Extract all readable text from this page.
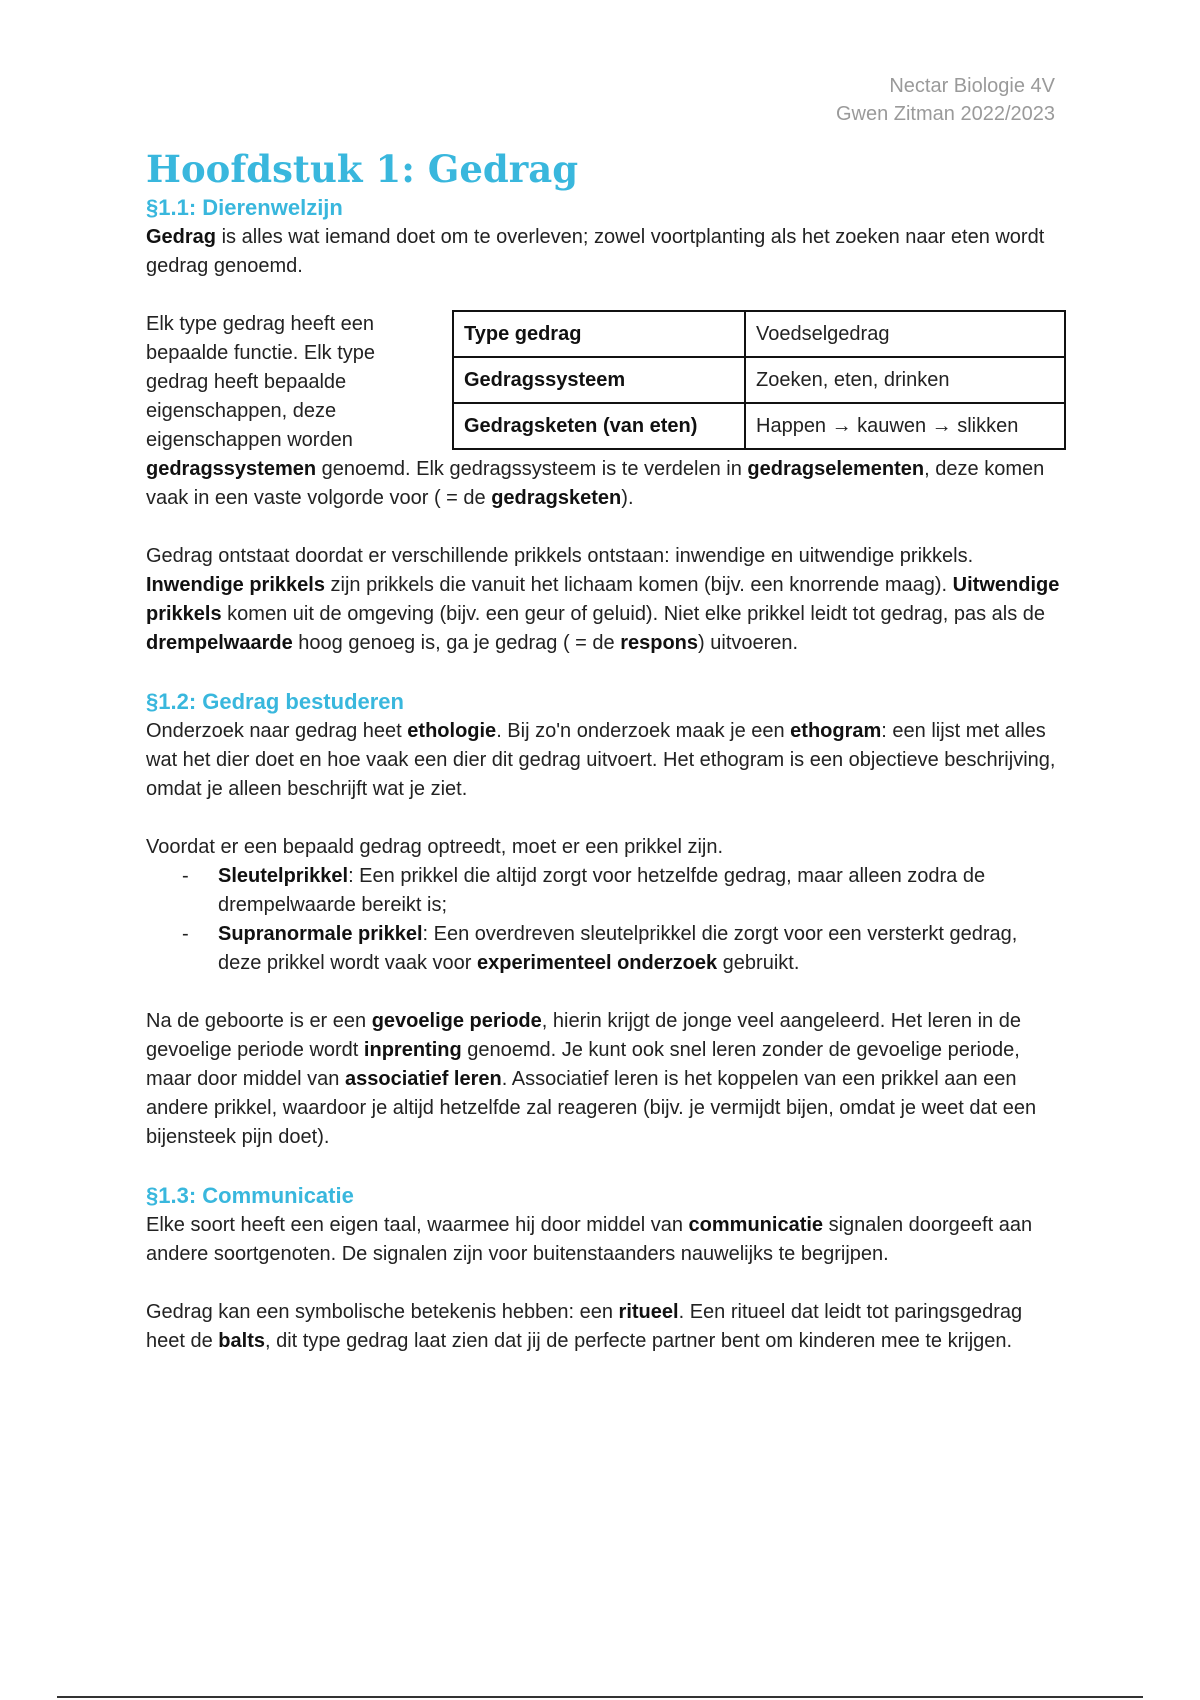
Nectar Biologie 4V
Gwen Zitman 2022/2023
Hoofdstuk 1: Gedrag
§1.1: Dierenwelzijn

Gedrag is alles wat iemand doet om te overleven; zowel voortplanting als het zoeken naar eten wordt gedrag genoemd.

Type gedrag	Voedselgedrag
Gedragssysteem	Zoeken, eten, drinken
Gedragsketen (van eten)	Happen → kauwen → slikken

Elk type gedrag heeft een bepaalde functie. Elk type gedrag heeft bepaalde eigenschappen, deze eigenschappen worden gedragssystemen genoemd. Elk gedragssysteem is te verdelen in gedragselementen, deze komen vaak in een vaste volgorde voor ( = de gedragsketen).

Gedrag ontstaat doordat er verschillende prikkels ontstaan: inwendige en uitwendige prikkels. Inwendige prikkels zijn prikkels die vanuit het lichaam komen (bijv. een knorrende maag). Uitwendige prikkels komen uit de omgeving (bijv. een geur of geluid). Niet elke prikkel leidt tot gedrag, pas als de drempelwaarde hoog genoeg is, ga je gedrag ( = de respons) uitvoeren.

§1.2: Gedrag bestuderen

Onderzoek naar gedrag heet ethologie. Bij zo'n onderzoek maak je een ethogram: een lijst met alles wat het dier doet en hoe vaak een dier dit gedrag uitvoert. Het ethogram is een objectieve beschrijving, omdat je alleen beschrijft wat je ziet.

Voordat er een bepaald gedrag optreedt, moet er een prikkel zijn.

- Sleutelprikkel: Een prikkel die altijd zorgt voor hetzelfde gedrag, maar alleen zodra de drempelwaarde bereikt is;
- Supranormale prikkel: Een overdreven sleutelprikkel die zorgt voor een versterkt gedrag, deze prikkel wordt vaak voor experimenteel onderzoek gebruikt.

Na de geboorte is er een gevoelige periode, hierin krijgt de jonge veel aangeleerd. Het leren in de gevoelige periode wordt inprenting genoemd. Je kunt ook snel leren zonder de gevoelige periode, maar door middel van associatief leren. Associatief leren is het koppelen van een prikkel aan een andere prikkel, waardoor je altijd hetzelfde zal reageren (bijv. je vermijdt bijen, omdat je weet dat een bijensteek pijn doet).

§1.3: Communicatie

Elke soort heeft een eigen taal, waarmee hij door middel van communicatie signalen doorgeeft aan andere soortgenoten. De signalen zijn voor buitenstaanders nauwelijks te begrijpen.

Gedrag kan een symbolische betekenis hebben: een ritueel. Een ritueel dat leidt tot paringsgedrag heet de balts, dit type gedrag laat zien dat jij de perfecte partner bent om kinderen mee te krijgen.
